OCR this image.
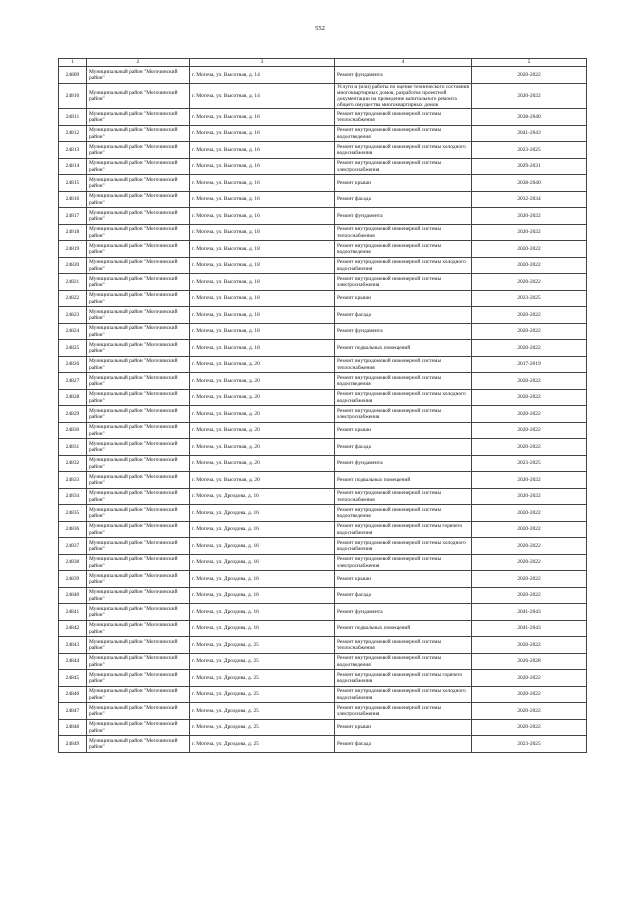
552
1	2	3	4	5
24809	Муниципальный район "Могочинский район"	г. Могоча, ул. Высотная, д. 14	Ремонт фундамента	2020-2022
24810	Муниципальный район "Могочинский район"	г. Могоча, ул. Высотная, д. 14	Услуги и (или) работы по оценке технического состояния многоквартирных домов, разработке проектной документации на проведение капитального ремонта общего имущества многоквартирных домов	2020-2022
24811	Муниципальный район "Могочинский район"	г. Могоча, ул. Высотная, д. 16	Ремонт внутридомовой инженерной системы теплоснабжения	2038-2040
24812	Муниципальный район "Могочинский район"	г. Могоча, ул. Высотная, д. 16	Ремонт внутридомовой инженерной системы водоотведения	2041-2043
24813	Муниципальный район "Могочинский район"	г. Могоча, ул. Высотная, д. 16	Ремонт внутридомовой инженерной системы холодного водоснабжения	2023-2025
24814	Муниципальный район "Могочинский район"	г. Могоча, ул. Высотная, д. 16	Ремонт внутридомовой инженерной системы электроснабжения	2029-2031
24815	Муниципальный район "Могочинский район"	г. Могоча, ул. Высотная, д. 16	Ремонт крыши	2038-2040
24816	Муниципальный район "Могочинский район"	г. Могоча, ул. Высотная, д. 16	Ремонт фасада	2032-2034
24817	Муниципальный район "Могочинский район"	г. Могоча, ул. Высотная, д. 16	Ремонт фундамента	2020-2022
24818	Муниципальный район "Могочинский район"	г. Могоча, ул. Высотная, д. 18	Ремонт внутридомовой инженерной системы теплоснабжения	2020-2022
24819	Муниципальный район "Могочинский район"	г. Могоча, ул. Высотная, д. 18	Ремонт внутридомовой инженерной системы водоотведения	2020-2022
24820	Муниципальный район "Могочинский район"	г. Могоча, ул. Высотная, д. 18	Ремонт внутридомовой инженерной системы холодного водоснабжения	2020-2022
24821	Муниципальный район "Могочинский район"	г. Могоча, ул. Высотная, д. 18	Ремонт внутридомовой инженерной системы электроснабжения	2020-2022
24822	Муниципальный район "Могочинский район"	г. Могоча, ул. Высотная, д. 18	Ремонт крыши	2023-2025
24823	Муниципальный район "Могочинский район"	г. Могоча, ул. Высотная, д. 18	Ремонт фасада	2020-2022
24824	Муниципальный район "Могочинский район"	г. Могоча, ул. Высотная, д. 18	Ремонт фундамента	2020-2022
24825	Муниципальный район "Могочинский район"	г. Могоча, ул. Высотная, д. 18	Ремонт подвальных помещений	2020-2022
24826	Муниципальный район "Могочинский район"	г. Могоча, ул. Высотная, д. 20	Ремонт внутридомовой инженерной системы теплоснабжения	2017-2019
24827	Муниципальный район "Могочинский район"	г. Могоча, ул. Высотная, д. 20	Ремонт внутридомовой инженерной системы водоотведения	2020-2022
24828	Муниципальный район "Могочинский район"	г. Могоча, ул. Высотная, д. 20	Ремонт внутридомовой инженерной системы холодного водоснабжения	2020-2022
24829	Муниципальный район "Могочинский район"	г. Могоча, ул. Высотная, д. 20	Ремонт внутридомовой инженерной системы электроснабжения	2020-2022
24830	Муниципальный район "Могочинский район"	г. Могоча, ул. Высотная, д. 20	Ремонт крыши	2020-2022
24831	Муниципальный район "Могочинский район"	г. Могоча, ул. Высотная, д. 20	Ремонт фасада	2020-2022
24832	Муниципальный район "Могочинский район"	г. Могоча, ул. Высотная, д. 20	Ремонт фундамента	2023-2025
24833	Муниципальный район "Могочинский район"	г. Могоча, ул. Высотная, д. 20	Ремонт подвальных помещений	2020-2022
24834	Муниципальный район "Могочинский район"	г. Могоча, ул. Дроздова, д. 16	Ремонт внутридомовой инженерной системы теплоснабжения	2020-2022
24835	Муниципальный район "Могочинский район"	г. Могоча, ул. Дроздова, д. 16	Ремонт внутридомовой инженерной системы водоотведения	2020-2022
24836	Муниципальный район "Могочинский район"	г. Могоча, ул. Дроздова, д. 16	Ремонт внутридомовой инженерной системы горячего водоснабжения	2020-2022
24837	Муниципальный район "Могочинский район"	г. Могоча, ул. Дроздова, д. 16	Ремонт внутридомовой инженерной системы холодного водоснабжения	2020-2022
24838	Муниципальный район "Могочинский район"	г. Могоча, ул. Дроздова, д. 16	Ремонт внутридомовой инженерной системы электроснабжения	2020-2022
24839	Муниципальный район "Могочинский район"	г. Могоча, ул. Дроздова, д. 16	Ремонт крыши	2020-2022
24840	Муниципальный район "Могочинский район"	г. Могоча, ул. Дроздова, д. 16	Ремонт фасада	2020-2022
24841	Муниципальный район "Могочинский район"	г. Могоча, ул. Дроздова, д. 16	Ремонт фундамента	2041-2043
24842	Муниципальный район "Могочинский район"	г. Могоча, ул. Дроздова, д. 16	Ремонт подвальных помещений	2041-2043
24843	Муниципальный район "Могочинский район"	г. Могоча, ул. Дроздова, д. 25	Ремонт внутридомовой инженерной системы теплоснабжения	2020-2022
24844	Муниципальный район "Могочинский район"	г. Могоча, ул. Дроздова, д. 25	Ремонт внутридомовой инженерной системы водоотведения	2026-2028
24845	Муниципальный район "Могочинский район"	г. Могоча, ул. Дроздова, д. 25	Ремонт внутридомовой инженерной системы горячего водоснабжения	2020-2022
24846	Муниципальный район "Могочинский район"	г. Могоча, ул. Дроздова, д. 25	Ремонт внутридомовой инженерной системы холодного водоснабжения	2020-2022
24847	Муниципальный район "Могочинский район"	г. Могоча, ул. Дроздова, д. 25	Ремонт внутридомовой инженерной системы электроснабжения	2020-2022
24848	Муниципальный район "Могочинский район"	г. Могоча, ул. Дроздова, д. 25	Ремонт крыши	2020-2022
24849	Муниципальный район "Могочинский район"	г. Могоча, ул. Дроздова, д. 25	Ремонт фасада	2023-2025
